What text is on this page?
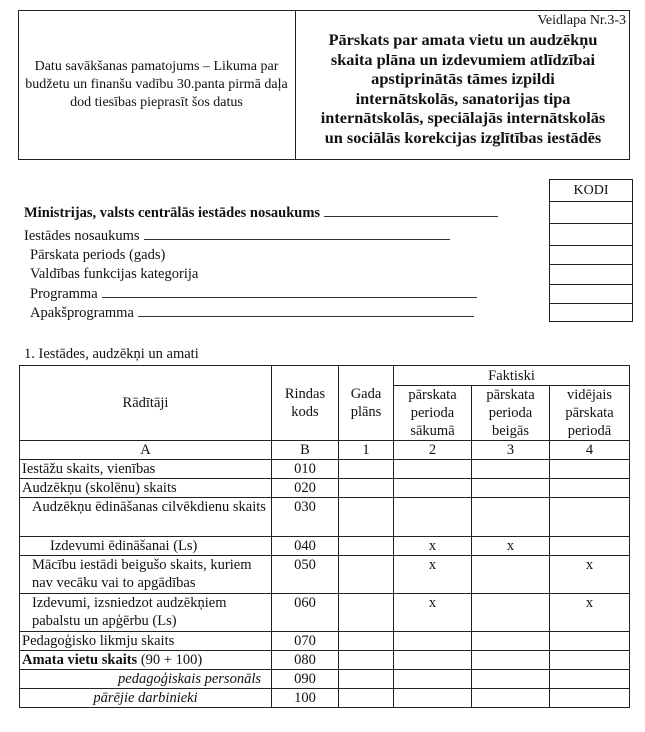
Datu savākšanas pamatojums – Likuma par budžetu un finanšu vadību 30.panta pirmā daļa dod tiesības pieprasīt šos datus
Veidlapa Nr.3-3
Pārskats par amata vietu un audzēkņu
skaita plāna un izdevumiem atlīdzībai
apstiprinātās tāmes izpildi
internātskolās, sanatorijas tipa
internātskolās, speciālajās internātskolās
un sociālās korekcijas izglītības iestādēs
Ministrijas, valsts centrālās iestādes nosaukums
Iestādes nosaukums
Pārskata periods (gads)
Valdības funkcijas kategorija
Programma
Apakšprogramma
KODI
1. Iestādes, audzēkņi un amati
Rādītāji	Rindas kods	Gada plāns	Faktiski		
			pārskata perioda sākumā	pārskata perioda beigās	vidējais pārskata periodā
A	B	1	2	3	4
Iestāžu skaits, vienības	010				
Audzēkņu (skolēnu) skaits	020				
Audzēkņu ēdināšanas cilvēkdienu skaits	030				
Izdevumi ēdināšanai (Ls)	040		x	x	
Mācību iestādi beigušo skaits, kuriem nav vecāku vai to apgādības	050		x		x
Izdevumi, izsniedzot audzēkņiem pabalstu un apģērbu (Ls)	060		x		x
Pedagoģisko likmju skaits	070				
Amata vietu skaits (90 + 100)	080				
pedagoģiskais personāls	090				
pārējie darbinieki	100				
